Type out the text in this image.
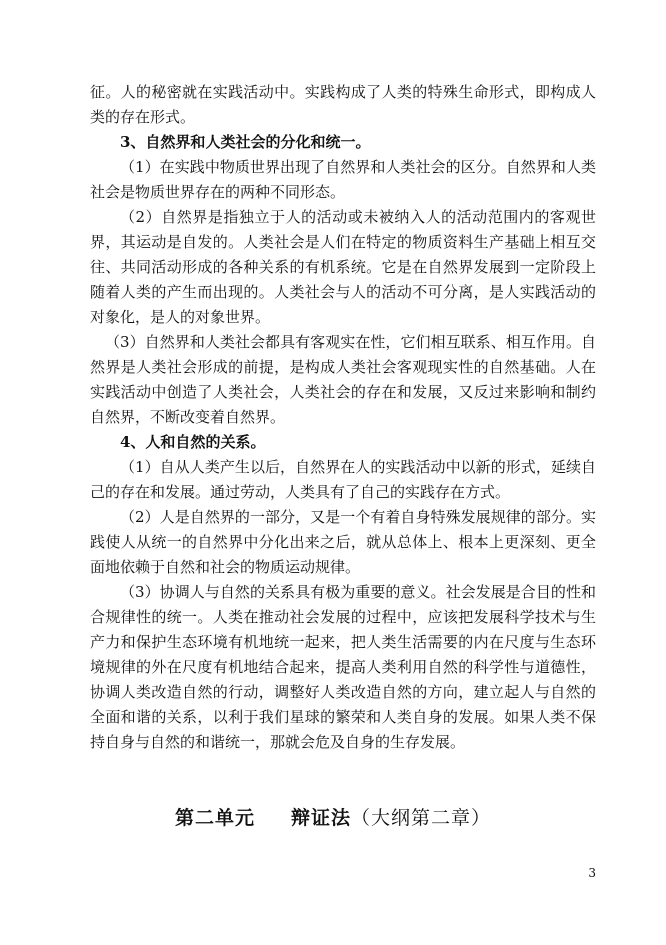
征。人的秘密就在实践活动中。实践构成了人类的特殊生命形式，即构成人类的存在形式。

3、自然界和人类社会的分化和统一。

（1）在实践中物质世界出现了自然界和人类社会的区分。自然界和人类社会是物质世界存在的两种不同形态。

（2）自然界是指独立于人的活动或未被纳入人的活动范围内的客观世界，其运动是自发的。人类社会是人们在特定的物质资料生产基础上相互交往、共同活动形成的各种关系的有机系统。它是在自然界发展到一定阶段上随着人类的产生而出现的。人类社会与人的活动不可分离，是人实践活动的对象化，是人的对象世界。

（3）自然界和人类社会都具有客观实在性，它们相互联系、相互作用。自然界是人类社会形成的前提，是构成人类社会客观现实性的自然基础。人在实践活动中创造了人类社会，人类社会的存在和发展，又反过来影响和制约自然界，不断改变着自然界。

4、人和自然的关系。

（1）自从人类产生以后，自然界在人的实践活动中以新的形式，延续自己的存在和发展。通过劳动，人类具有了自己的实践存在方式。

（2）人是自然界的一部分，又是一个有着自身特殊发展规律的部分。实践使人从统一的自然界中分化出来之后，就从总体上、根本上更深刻、更全面地依赖于自然和社会的物质运动规律。

（3）协调人与自然的关系具有极为重要的意义。社会发展是合目的性和合规律性的统一。人类在推动社会发展的过程中，应该把发展科学技术与生产力和保护生态环境有机地统一起来，把人类生活需要的内在尺度与生态环境规律的外在尺度有机地结合起来，提高人类利用自然的科学性与道德性，协调人类改造自然的行动，调整好人类改造自然的方向，建立起人与自然的全面和谐的关系，以利于我们星球的繁荣和人类自身的发展。如果人类不保持自身与自然的和谐统一，那就会危及自身的生存发展。

第二单元 辩证法（大纲第二章）
3
